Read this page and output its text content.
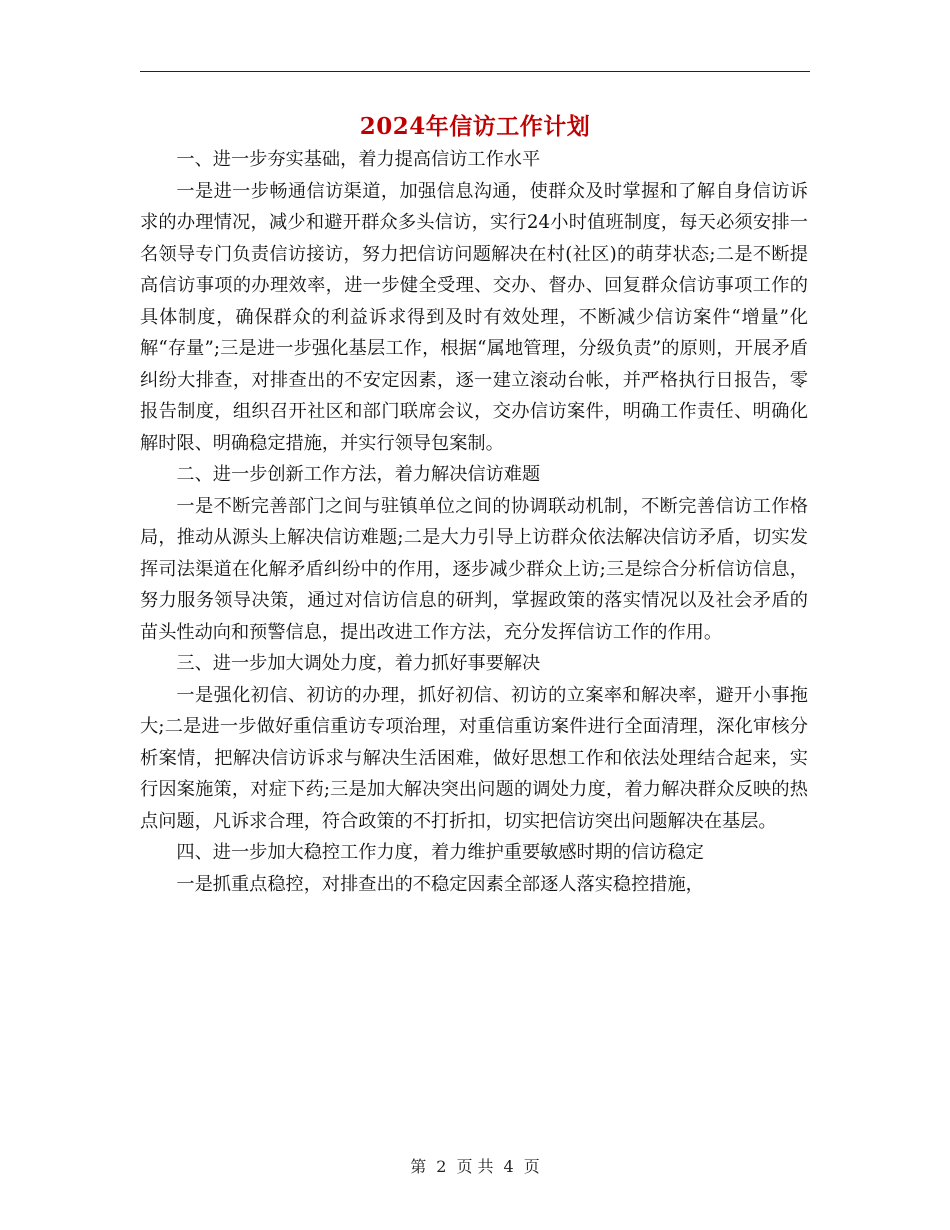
2024年信访工作计划

一、进一步夯实基础，着力提高信访工作水平

一是进一步畅通信访渠道，加强信息沟通，使群众及时掌握和了解自身信访诉求的办理情况，减少和避开群众多头信访，实行24小时值班制度，每天必须安排一名领导专门负责信访接访，努力把信访问题解决在村(社区)的萌芽状态;二是不断提高信访事项的办理效率，进一步健全受理、交办、督办、回复群众信访事项工作的具体制度，确保群众的利益诉求得到及时有效处理，不断减少信访案件“增量”化解“存量”;三是进一步强化基层工作，根据“属地管理，分级负责”的原则，开展矛盾纠纷大排查，对排查出的不安定因素，逐一建立滚动台帐，并严格执行日报告，零报告制度，组织召开社区和部门联席会议，交办信访案件，明确工作责任、明确化解时限、明确稳定措施，并实行领导包案制。

二、进一步创新工作方法，着力解决信访难题

一是不断完善部门之间与驻镇单位之间的协调联动机制，不断完善信访工作格局，推动从源头上解决信访难题;二是大力引导上访群众依法解决信访矛盾，切实发挥司法渠道在化解矛盾纠纷中的作用，逐步减少群众上访;三是综合分析信访信息，努力服务领导决策，通过对信访信息的研判，掌握政策的落实情况以及社会矛盾的苗头性动向和预警信息，提出改进工作方法，充分发挥信访工作的作用。

三、进一步加大调处力度，着力抓好事要解决

一是强化初信、初访的办理，抓好初信、初访的立案率和解决率，避开小事拖大;二是进一步做好重信重访专项治理，对重信重访案件进行全面清理，深化审核分析案情，把解决信访诉求与解决生活困难，做好思想工作和依法处理结合起来，实行因案施策，对症下药;三是加大解决突出问题的调处力度，着力解决群众反映的热点问题，凡诉求合理，符合政策的不打折扣，切实把信访突出问题解决在基层。

四、进一步加大稳控工作力度，着力维护重要敏感时期的信访稳定

一是抓重点稳控，对排查出的不稳定因素全部逐人落实稳控措施，

第 2 页 共 4 页
